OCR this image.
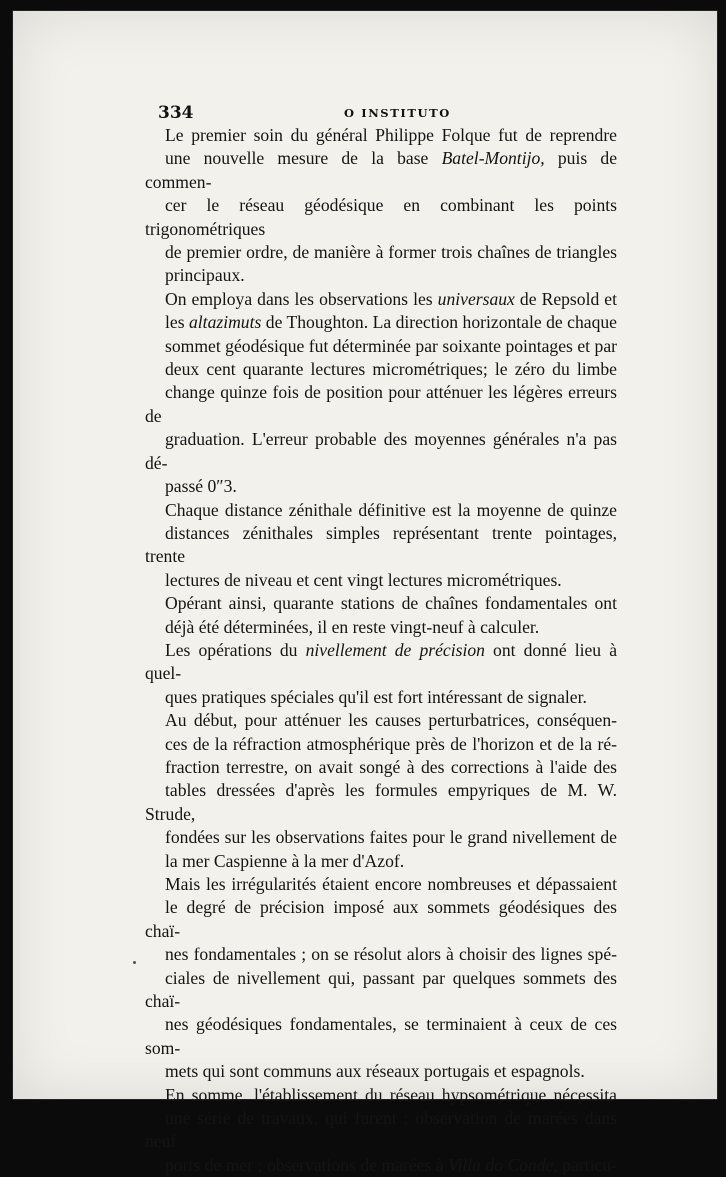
334	O INSTITUTO

Le premier soin du général Philippe Folque fut de reprendre
une nouvelle mesure de la base Batel-Montijo, puis de commen-
cer le réseau géodésique en combinant les points trigonométriques
de premier ordre, de manière à former trois chaînes de triangles
principaux.

On employa dans les observations les universaux de Repsold et
les altazimuts de Thoughton. La direction horizontale de chaque
sommet géodésique fut déterminée par soixante pointages et par
deux cent quarante lectures micrométriques; le zéro du limbe
change quinze fois de position pour atténuer les légères erreurs de
graduation. L'erreur probable des moyennes générales n'a pas dé-
passé 0″3.

Chaque distance zénithale définitive est la moyenne de quinze
distances zénithales simples représentant trente pointages, trente
lectures de niveau et cent vingt lectures micrométriques.

Opérant ainsi, quarante stations de chaînes fondamentales ont
déjà été déterminées, il en reste vingt-neuf à calculer.

Les opérations du nivellement de précision ont donné lieu à quel-
ques pratiques spéciales qu'il est fort intéressant de signaler.

Au début, pour atténuer les causes perturbatrices, conséquen-
ces de la réfraction atmosphérique près de l'horizon et de la ré-
fraction terrestre, on avait songé à des corrections à l'aide des
tables dressées d'après les formules empyriques de M. W. Strude,
fondées sur les observations faites pour le grand nivellement de
la mer Caspienne à la mer d'Azof.

Mais les irrégularités étaient encore nombreuses et dépassaient
le degré de précision imposé aux sommets géodésiques des chaï-
nes fondamentales ; on se résolut alors à choisir des lignes spé-
ciales de nivellement qui, passant par quelques sommets des chaï-
nes géodésiques fondamentales, se terminaient à ceux de ces som-
mets qui sont communs aux réseaux portugais et espagnols.

En somme, l'établissement du réseau hypsométrique nécessita
une série de travaux, qui furent : observation de marées dans neuf
ports de mer ; observations de marées à Villa do Conde, particu-
